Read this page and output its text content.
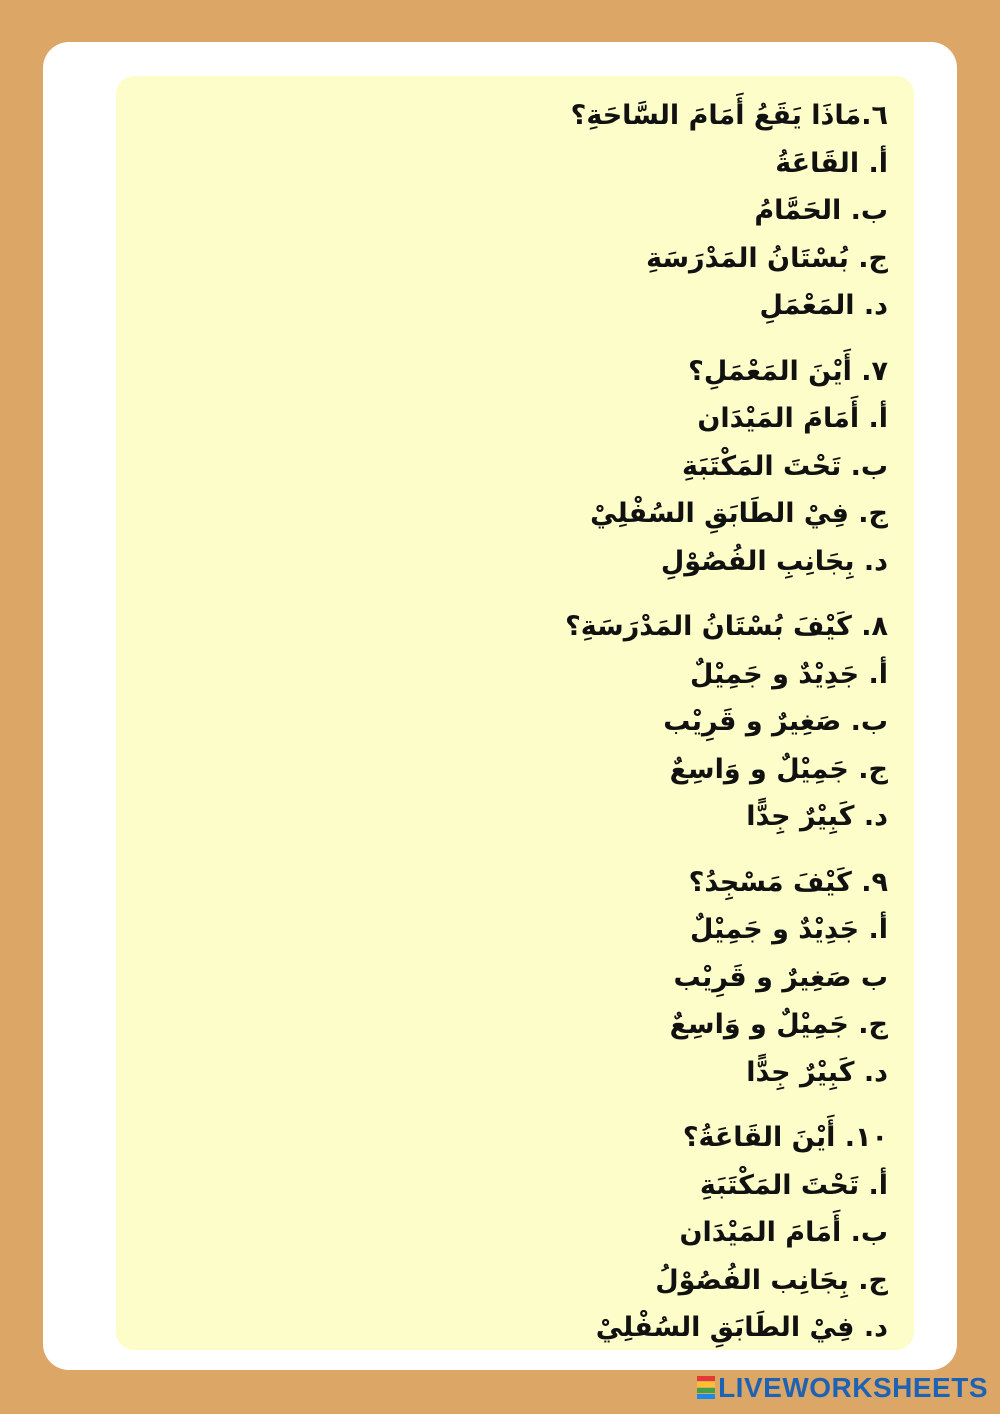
٦.مَاذَا يَقَعُ أَمَامَ السَّاحَةِ؟
أ. القَاعَةُ
ب. الحَمَّامُ
ج. بُسْتَانُ المَدْرَسَةِ
د. المَعْمَلِ
٧. أَيْنَ المَعْمَلِ؟
أ. أَمَامَ المَيْدَان
ب. تَحْتَ المَكْتَبَةِ
ج. فِيْ الطَابَقِ السُفْلِيْ
د. بِجَانِبِ الفُصُوْلِ
٨. كَيْفَ بُسْتَانُ المَدْرَسَةِ؟
أ. جَدِيْدٌ و جَمِيْلٌ
ب. صَغِيرٌ و قَرِيْب
ج. جَمِيْلٌ و وَاسِعٌ
د. كَبِيْرٌ جِدًّا
٩. كَيْفَ مَسْجِدُ؟
أ. جَدِيْدٌ و جَمِيْلٌ
ب صَغِيرٌ و قَرِيْب
ج. جَمِيْلٌ و وَاسِعٌ
د. كَبِيْرٌ جِدًّا
١٠. أَيْنَ القَاعَةُ؟
أ. تَحْتَ المَكْتَبَةِ
ب. أَمَامَ المَيْدَان
ج. بِجَانِب الفُصُوْلُ
د. فِيْ الطَابَقِ السُفْلِيْ
LIVEWORKSHEETS
